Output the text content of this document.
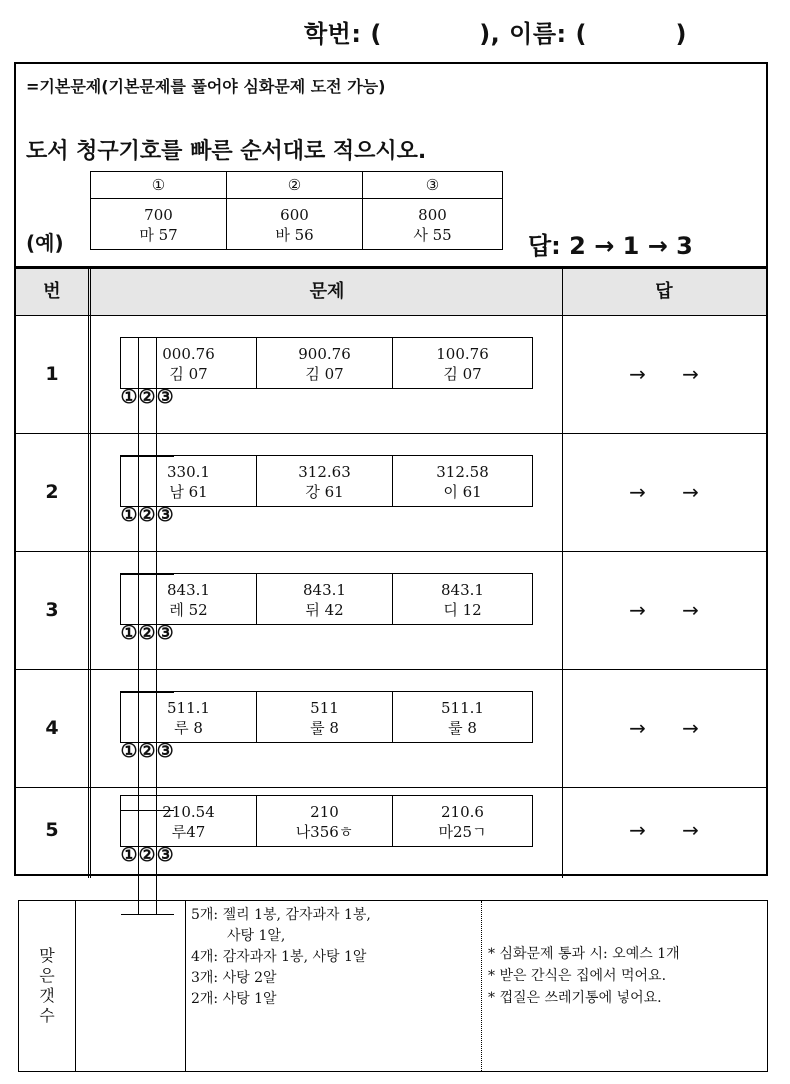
학번: (           ), 이름: (          )
=기본문제(기본문제를 풀어야 심화문제 도전 가능)
도서 청구기호를 빠른 순서대로 적으시오.
(예)
①	②	③
700	600	800
마 57	바 56	사 55	답: 2 → 1 → 3
번	문제	답
1
①	②	③
000.76	900.76	100.76
김 07	김 07	김 07	→ →
2
①	②	③
330.1	312.63	312.58
남 61	강 61	이 61	→ →
3
①	②	③
843.1	843.1	843.1
레 52	뒤 42	디 12	→ →
4
①	②	③
511.1	511	511.1
루 8	룰 8	룰 8	→ →
5
①	②	③
210.54	210	210.6
루47	나356ㅎ	마25ㄱ	→ →
맞은갯수
5개: 젤리 1봉, 감자과자 1봉,
사탕 1알,
4개: 감자과자 1봉, 사탕 1알
3개: 사탕 2알
2개: 사탕 1알
* 심화문제 통과 시: 오예스 1개
* 받은 간식은 집에서 먹어요.
* 껍질은 쓰레기통에 넣어요.
